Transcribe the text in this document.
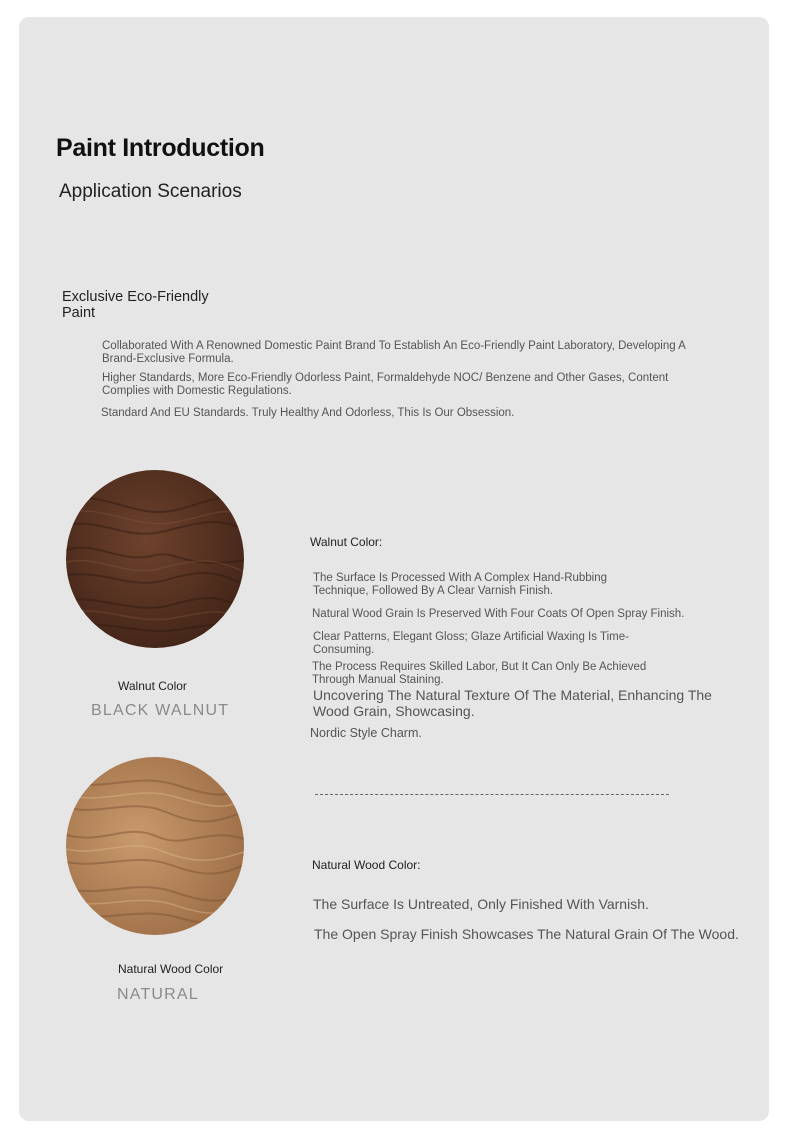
Paint Introduction
Application Scenarios
Exclusive Eco-Friendly Paint
Collaborated With A Renowned Domestic Paint Brand To Establish An Eco-Friendly Paint Laboratory, Developing A Brand-Exclusive Formula.
Higher Standards, More Eco-Friendly Odorless Paint, Formaldehyde NOC/ Benzene and Other Gases, Content Complies with Domestic Regulations.
Standard And EU Standards. Truly Healthy And Odorless, This Is Our Obsession.
Walnut Color
BLACK WALNUT
Walnut Color:
The Surface Is Processed With A Complex Hand-Rubbing Technique, Followed By A Clear Varnish Finish.
Natural Wood Grain Is Preserved With Four Coats Of Open Spray Finish.
Clear Patterns, Elegant Gloss; Glaze Artificial Waxing Is Time-Consuming.
The Process Requires Skilled Labor, But It Can Only Be Achieved Through Manual Staining.
Uncovering The Natural Texture Of The Material, Enhancing The Wood Grain, Showcasing.
Nordic Style Charm.
Natural Wood Color
NATURAL
Natural Wood Color:
The Surface Is Untreated, Only Finished With Varnish.
The Open Spray Finish Showcases The Natural Grain Of The Wood.
